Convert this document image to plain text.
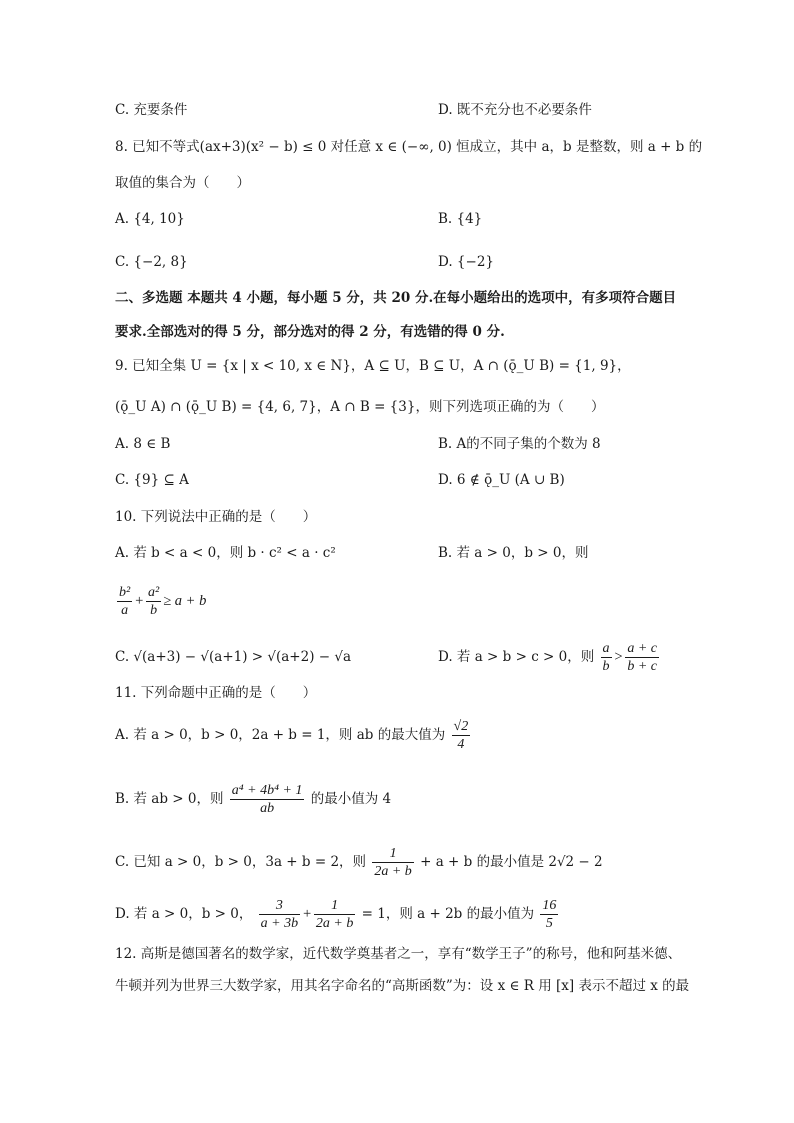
C. 充要条件	D. 既不充分也不必要条件
8. 已知不等式(ax+3)(x² − b) ≤ 0 对任意 x ∈ (−∞, 0) 恒成立，其中 a，b 是整数，则 a + b 的
取值的集合为（　　）
A. {4, 10}	B. {4}
C. {−2, 8}	D. {−2}
二、多选题 本题共 4 小题，每小题 5 分，共 20 分.在每小题给出的选项中，有多项符合题目
要求.全部选对的得 5 分，部分选对的得 2 分，有选错的得 0 分.
9. 已知全集 U = {x | x < 10, x ∈ N}，A ⊆ U，B ⊆ U，A ∩ (ǭ_U B) = {1, 9}，
(ǭ_U A) ∩ (ǭ_U B) = {4, 6, 7}，A ∩ B = {3}，则下列选项正确的为（　　）
A. 8 ∈ B	B. A的不同子集的个数为 8
C. {9} ⊆ A	D. 6 ∉ ǭ_U (A ∪ B)
10. 下列说法中正确的是（　　）
A. 若 b < a < 0，则 b · c² < a · c²	B. 若 a > 0，b > 0，则
$\frac{\text{b²}}{a} + \frac{\text{a²}}{b} \ge a + b$
C. √(a+3) − √(a+1) > √(a+2) − √a	D. 若 a > b > c > 0，则 $\frac{a}{b} > \frac{a + c}{b + c}$
11. 下列命题中正确的是（　　）
A. 若 a > 0，b > 0，2a + b = 1，则 ab 的最大值为 $\frac{√2}{4}$
B. 若 ab > 0，则 $\frac{\text{a⁴ + 4b⁴ + 1}}{ab}$ 的最小值为 4
C. 已知 a > 0，b > 0，3a + b = 2，则 $\frac{1}{2a + b} + a + b$ 的最小值是 2√2 − 2
D. 若 a > 0，b > 0， $\frac{3}{a + 3b} + \frac{1}{2a + b} = 1$，则 a + 2b 的最小值为 $\frac{16}{5}$
12. 高斯是德国著名的数学家，近代数学奠基者之一，享有“数学王子”的称号，他和阿基米德、
牛顿并列为世界三大数学家，用其名字命名的“高斯函数”为：设 x ∈ R 用 [x] 表示不超过 x 的最
